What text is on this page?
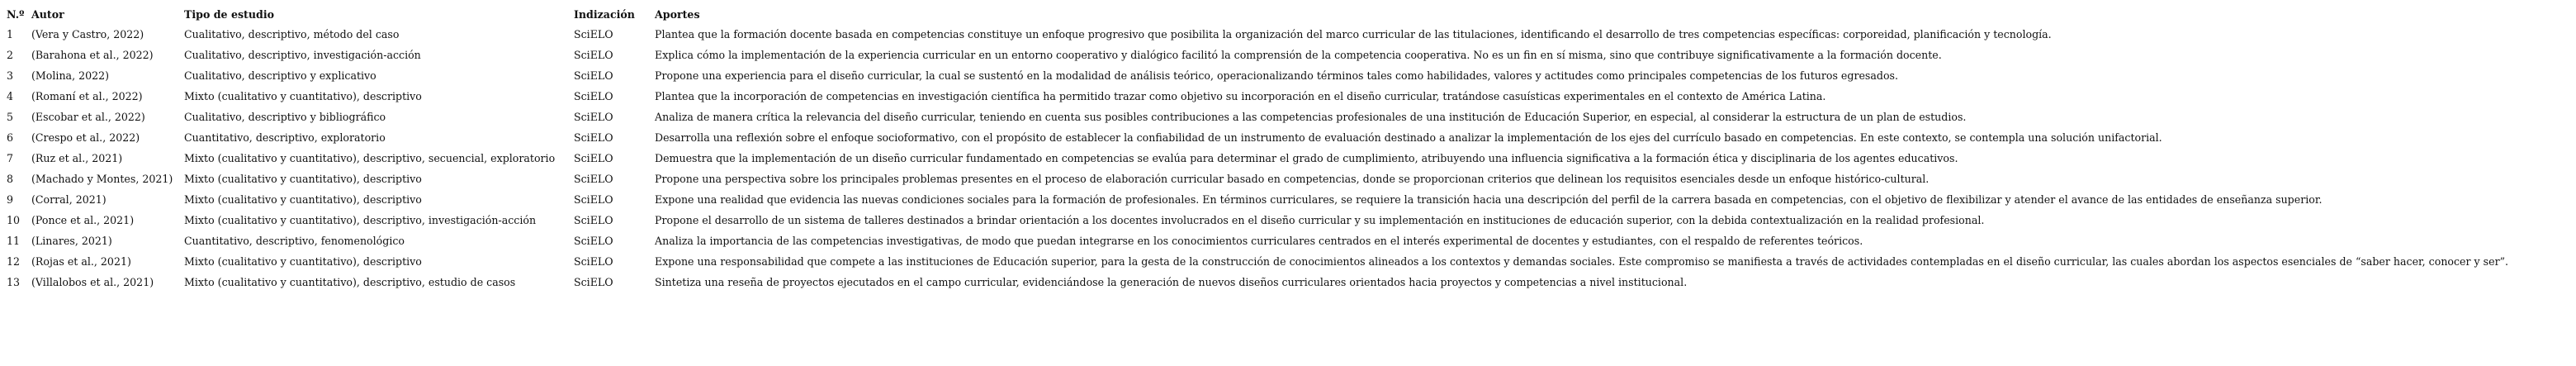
N.º	Autor	Tipo de estudio	Indización	Aportes
1	(Vera y Castro, 2022)	Cualitativo, descriptivo, método del caso	SciELO	Plantea que la formación docente basada en competencias constituye un enfoque progresivo que posibilita la organización del marco curricular de las titulaciones, identificando el desarrollo de tres competencias específicas: corporeidad, planificación y tecnología.
2	(Barahona et al., 2022)	Cualitativo, descriptivo, investigación-acción	SciELO	Explica cómo la implementación de la experiencia curricular en un entorno cooperativo y dialógico facilitó la comprensión de la competencia cooperativa. No es un fin en sí misma, sino que contribuye significativamente a la formación docente.
3	(Molina, 2022)	Cualitativo, descriptivo y explicativo	SciELO	Propone una experiencia para el diseño curricular, la cual se sustentó en la modalidad de análisis teórico, operacionalizando términos tales como habilidades, valores y actitudes como principales competencias de los futuros egresados.
4	(Romaní et al., 2022)	Mixto (cualitativo y cuantitativo), descriptivo	SciELO	Plantea que la incorporación de competencias en investigación científica ha permitido trazar como objetivo su incorporación en el diseño curricular, tratándose casuísticas experimentales en el contexto de América Latina.
5	(Escobar et al., 2022)	Cualitativo, descriptivo y bibliográfico	SciELO	Analiza de manera crítica la relevancia del diseño curricular, teniendo en cuenta sus posibles contribuciones a las competencias profesionales de una institución de Educación Superior, en especial, al considerar la estructura de un plan de estudios.
6	(Crespo et al., 2022)	Cuantitativo, descriptivo, exploratorio	SciELO	Desarrolla una reflexión sobre el enfoque socioformativo, con el propósito de establecer la confiabilidad de un instrumento de evaluación destinado a analizar la implementación de los ejes del currículo basado en competencias. En este contexto, se contempla una solución unifactorial.
7	(Ruz et al., 2021)	Mixto (cualitativo y cuantitativo), descriptivo, secuencial, exploratorio	SciELO	Demuestra que la implementación de un diseño curricular fundamentado en competencias se evalúa para determinar el grado de cumplimiento, atribuyendo una influencia significativa a la formación ética y disciplinaria de los agentes educativos.
8	(Machado y Montes, 2021)	Mixto (cualitativo y cuantitativo), descriptivo	SciELO	Propone una perspectiva sobre los principales problemas presentes en el proceso de elaboración curricular basado en competencias, donde se proporcionan criterios que delinean los requisitos esenciales desde un enfoque histórico-cultural.
9	(Corral, 2021)	Mixto (cualitativo y cuantitativo), descriptivo	SciELO	Expone una realidad que evidencia las nuevas condiciones sociales para la formación de profesionales. En términos curriculares, se requiere la transición hacia una descripción del perfil de la carrera basada en competencias, con el objetivo de flexibilizar y atender el avance de las entidades de enseñanza superior.
10	(Ponce et al., 2021)	Mixto (cualitativo y cuantitativo), descriptivo, investigación-acción	SciELO	Propone el desarrollo de un sistema de talleres destinados a brindar orientación a los docentes involucrados en el diseño curricular y su implementación en instituciones de educación superior, con la debida contextualización en la realidad profesional.
11	(Linares, 2021)	Cuantitativo, descriptivo, fenomenológico	SciELO	Analiza la importancia de las competencias investigativas, de modo que puedan integrarse en los conocimientos curriculares centrados en el interés experimental de docentes y estudiantes, con el respaldo de referentes teóricos.
12	(Rojas et al., 2021)	Mixto (cualitativo y cuantitativo), descriptivo	SciELO	Expone una responsabilidad que compete a las instituciones de Educación superior, para la gesta de la construcción de conocimientos alineados a los contextos y demandas sociales. Este compromiso se manifiesta a través de actividades contempladas en el diseño curricular, las cuales abordan los aspectos esenciales de “saber hacer, conocer y ser”.
13	(Villalobos et al., 2021)	Mixto (cualitativo y cuantitativo), descriptivo, estudio de casos	SciELO	Sintetiza una reseña de proyectos ejecutados en el campo curricular, evidenciándose la generación de nuevos diseños curriculares orientados hacia proyectos y competencias a nivel institucional.
